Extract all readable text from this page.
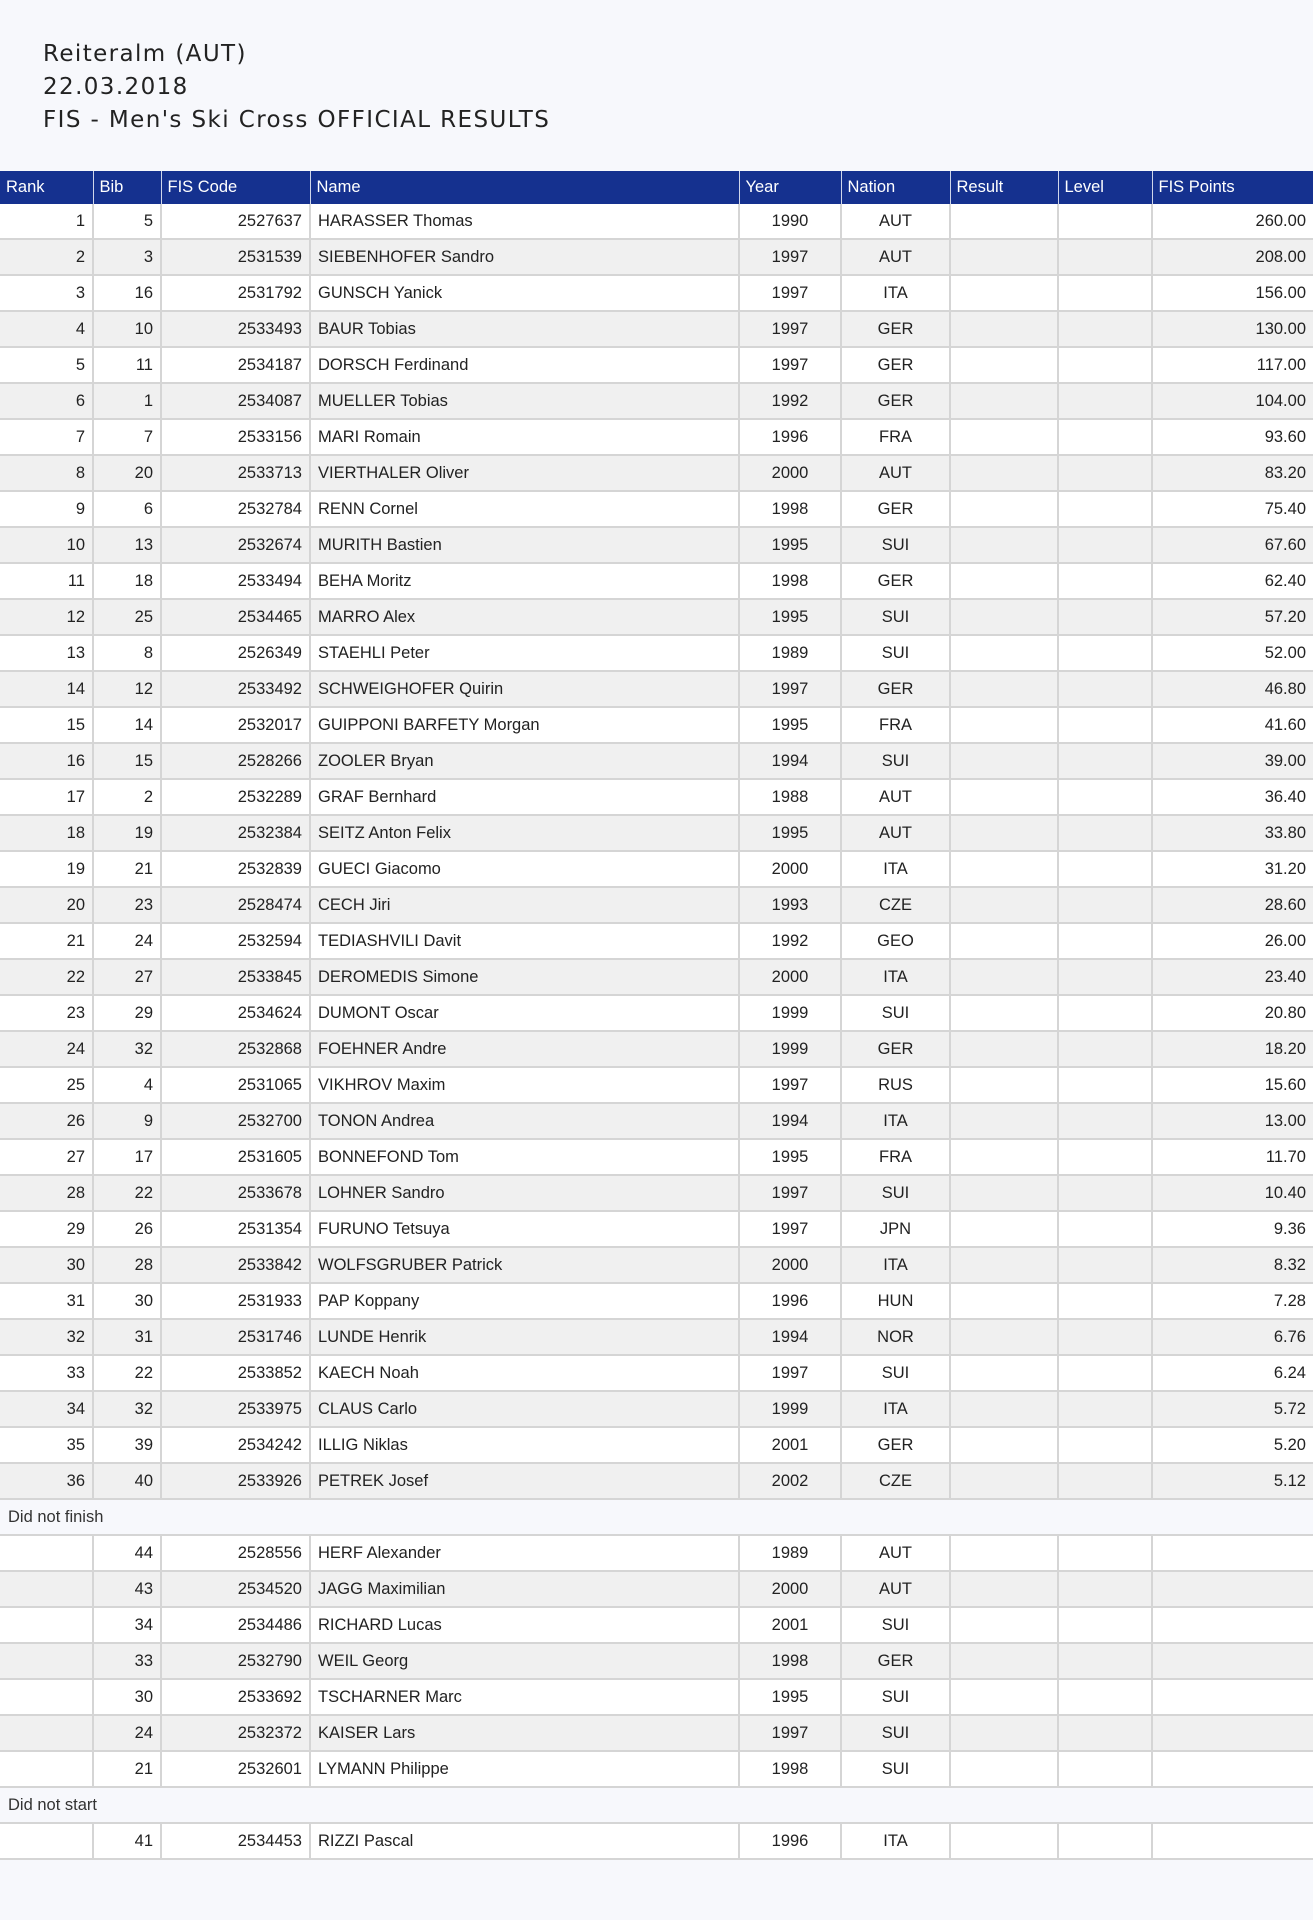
Reiteralm (AUT)
22.03.2018
FIS - Men's Ski Cross OFFICIAL RESULTS
Rank	Bib	FIS Code	Name	Year	Nation	Result	Level	FIS Points
1	5	2527637	HARASSER Thomas	1990	AUT			260.00
2	3	2531539	SIEBENHOFER Sandro	1997	AUT			208.00
3	16	2531792	GUNSCH Yanick	1997	ITA			156.00
4	10	2533493	BAUR Tobias	1997	GER			130.00
5	11	2534187	DORSCH Ferdinand	1997	GER			117.00
6	1	2534087	MUELLER Tobias	1992	GER			104.00
7	7	2533156	MARI Romain	1996	FRA			93.60
8	20	2533713	VIERTHALER Oliver	2000	AUT			83.20
9	6	2532784	RENN Cornel	1998	GER			75.40
10	13	2532674	MURITH Bastien	1995	SUI			67.60
11	18	2533494	BEHA Moritz	1998	GER			62.40
12	25	2534465	MARRO Alex	1995	SUI			57.20
13	8	2526349	STAEHLI Peter	1989	SUI			52.00
14	12	2533492	SCHWEIGHOFER Quirin	1997	GER			46.80
15	14	2532017	GUIPPONI BARFETY Morgan	1995	FRA			41.60
16	15	2528266	ZOOLER Bryan	1994	SUI			39.00
17	2	2532289	GRAF Bernhard	1988	AUT			36.40
18	19	2532384	SEITZ Anton Felix	1995	AUT			33.80
19	21	2532839	GUECI Giacomo	2000	ITA			31.20
20	23	2528474	CECH Jiri	1993	CZE			28.60
21	24	2532594	TEDIASHVILI Davit	1992	GEO			26.00
22	27	2533845	DEROMEDIS Simone	2000	ITA			23.40
23	29	2534624	DUMONT Oscar	1999	SUI			20.80
24	32	2532868	FOEHNER Andre	1999	GER			18.20
25	4	2531065	VIKHROV Maxim	1997	RUS			15.60
26	9	2532700	TONON Andrea	1994	ITA			13.00
27	17	2531605	BONNEFOND Tom	1995	FRA			11.70
28	22	2533678	LOHNER Sandro	1997	SUI			10.40
29	26	2531354	FURUNO Tetsuya	1997	JPN			9.36
30	28	2533842	WOLFSGRUBER Patrick	2000	ITA			8.32
31	30	2531933	PAP Koppany	1996	HUN			7.28
32	31	2531746	LUNDE Henrik	1994	NOR			6.76
33	22	2533852	KAECH Noah	1997	SUI			6.24
34	32	2533975	CLAUS Carlo	1999	ITA			5.72
35	39	2534242	ILLIG Niklas	2001	GER			5.20
36	40	2533926	PETREK Josef	2002	CZE			5.12
Did not finish								
	44	2528556	HERF Alexander	1989	AUT			
	43	2534520	JAGG Maximilian	2000	AUT			
	34	2534486	RICHARD Lucas	2001	SUI			
	33	2532790	WEIL Georg	1998	GER			
	30	2533692	TSCHARNER Marc	1995	SUI			
	24	2532372	KAISER Lars	1997	SUI			
	21	2532601	LYMANN Philippe	1998	SUI			
Did not start								
	41	2534453	RIZZI Pascal	1996	ITA			
